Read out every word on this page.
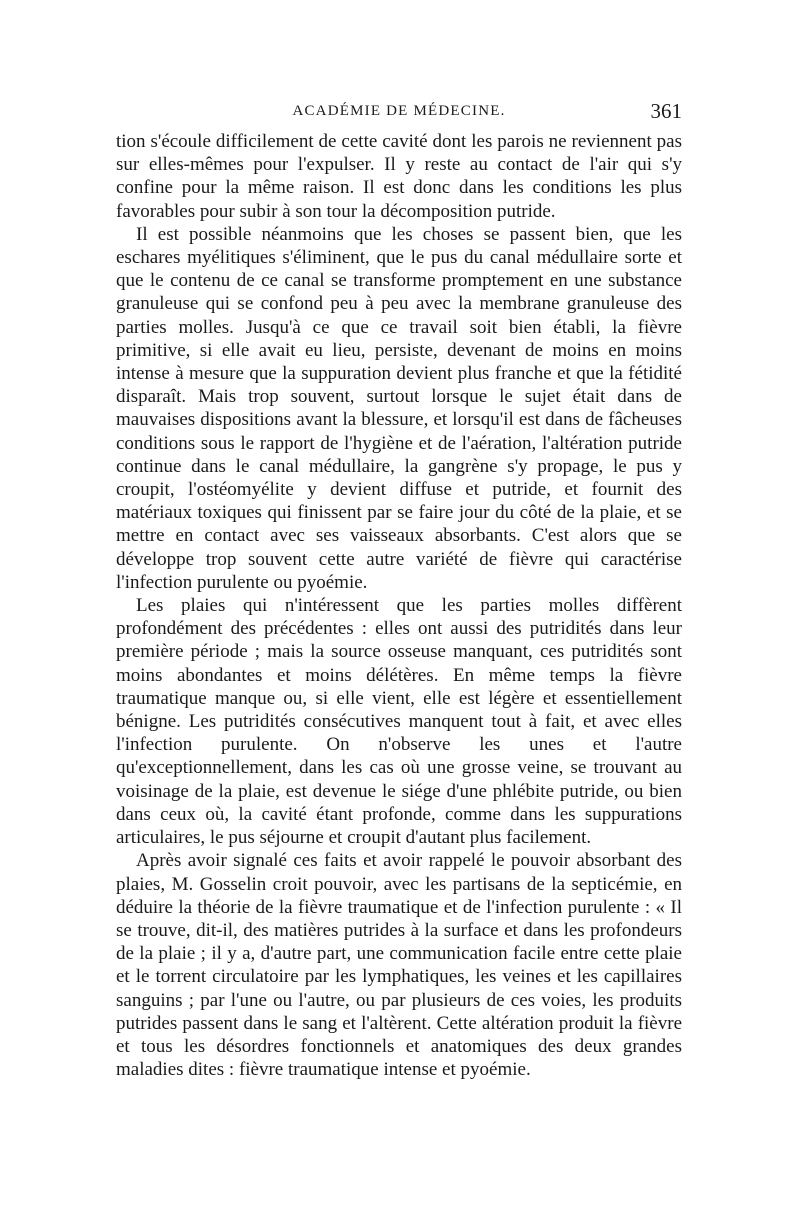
ACADÉMIE DE MÉDECINE.	361

tion s'écoule difficilement de cette cavité dont les parois ne reviennent pas sur elles-mêmes pour l'expulser. Il y reste au contact de l'air qui s'y confine pour la même raison. Il est donc dans les conditions les plus favorables pour subir à son tour la décomposition putride.

Il est possible néanmoins que les choses se passent bien, que les eschares myélitiques s'éliminent, que le pus du canal médullaire sorte et que le contenu de ce canal se transforme promptement en une substance granuleuse qui se confond peu à peu avec la membrane granuleuse des parties molles. Jusqu'à ce que ce travail soit bien établi, la fièvre primitive, si elle avait eu lieu, persiste, devenant de moins en moins intense à mesure que la suppuration devient plus franche et que la fétidité disparaît. Mais trop souvent, surtout lorsque le sujet était dans de mauvaises dispositions avant la blessure, et lorsqu'il est dans de fâcheuses conditions sous le rapport de l'hygiène et de l'aération, l'altération putride continue dans le canal médullaire, la gangrène s'y propage, le pus y croupit, l'ostéomyélite y devient diffuse et putride, et fournit des matériaux toxiques qui finissent par se faire jour du côté de la plaie, et se mettre en contact avec ses vaisseaux absorbants. C'est alors que se développe trop souvent cette autre variété de fièvre qui caractérise l'infection purulente ou pyoémie.

Les plaies qui n'intéressent que les parties molles diffèrent profondément des précédentes : elles ont aussi des putridités dans leur première période ; mais la source osseuse manquant, ces putridités sont moins abondantes et moins délétères. En même temps la fièvre traumatique manque ou, si elle vient, elle est légère et essentiellement bénigne. Les putridités consécutives manquent tout à fait, et avec elles l'infection purulente. On n'observe les unes et l'autre qu'exceptionnellement, dans les cas où une grosse veine, se trouvant au voisinage de la plaie, est devenue le siége d'une phlébite putride, ou bien dans ceux où, la cavité étant profonde, comme dans les suppurations articulaires, le pus séjourne et croupit d'autant plus facilement.

Après avoir signalé ces faits et avoir rappelé le pouvoir absorbant des plaies, M. Gosselin croit pouvoir, avec les partisans de la septicémie, en déduire la théorie de la fièvre traumatique et de l'infection purulente : « Il se trouve, dit-il, des matières putrides à la surface et dans les profondeurs de la plaie ; il y a, d'autre part, une communication facile entre cette plaie et le torrent circulatoire par les lymphatiques, les veines et les capillaires sanguins ; par l'une ou l'autre, ou par plusieurs de ces voies, les produits putrides passent dans le sang et l'altèrent. Cette altération produit la fièvre et tous les désordres fonctionnels et anatomiques des deux grandes maladies dites : fièvre traumatique intense et pyoémie.
